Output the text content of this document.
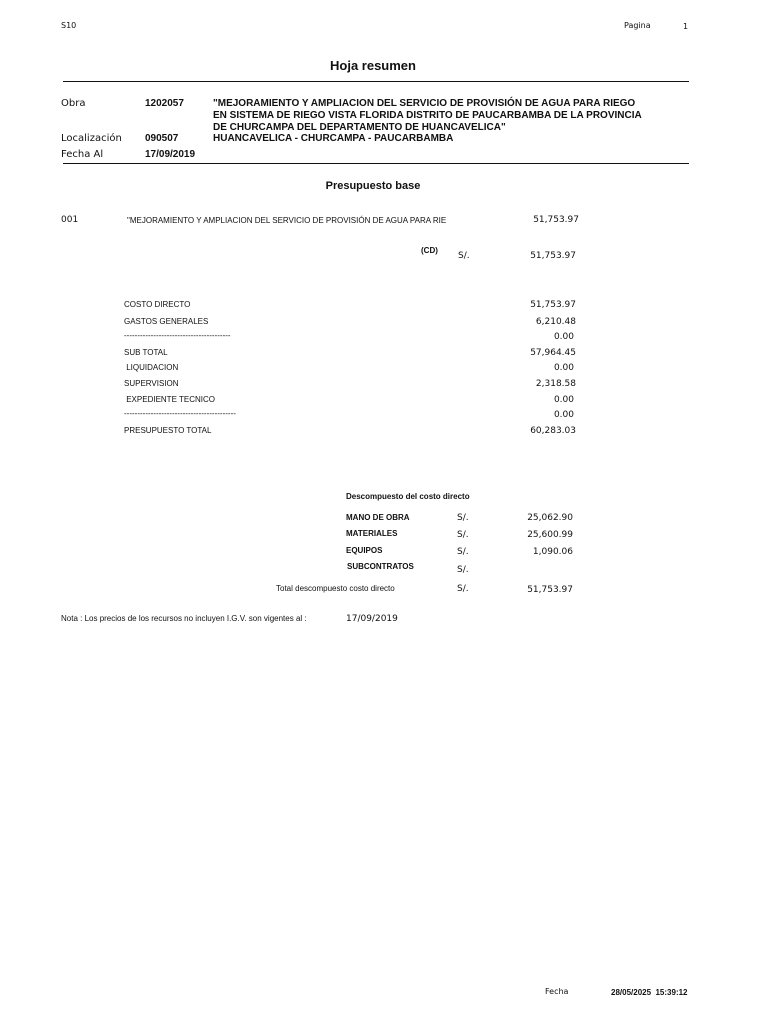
S10	Pagina	1
Hoja resumen
Obra	1202057	"MEJORAMIENTO Y AMPLIACION DEL SERVICIO DE PROVISIÓN DE AGUA PARA RIEGO
EN SISTEMA DE RIEGO VISTA FLORIDA DISTRITO DE PAUCARBAMBA DE LA PROVINCIA
DE CHURCAMPA DEL DEPARTAMENTO DE HUANCAVELICA"
Localización 090507	HUANCAVELICA - CHURCAMPA - PAUCARBAMBA
Fecha Al	17/09/2019
Presupuesto base
001	"MEJORAMIENTO Y AMPLIACION DEL SERVICIO DE PROVISIÓN DE AGUA PARA RIE	51,753.97
(CD)
S/.	51,753.97
COSTO DIRECTO	51,753.97
GASTOS GENERALES	6,210.48
----------------------------------------	0.00
SUB TOTAL	57,964.45
LIQUIDACION	0.00
SUPERVISION	2,318.58
EXPEDIENTE TECNICO	0.00
------------------------------------------	0.00
PRESUPUESTO TOTAL	60,283.03
Descompuesto del costo directo
MANO DE OBRA	S/.	25,062.90
MATERIALES	S/.	25,600.99
EQUIPOS	S/.	1,090.06
SUBCONTRATOS	S/.
Total descompuesto costo directo	S/.	51,753.97
Nota : Los precios de los recursos no incluyen I.G.V. son vigentes al :	17/09/2019
Fecha	28/05/2025  15:39:12
